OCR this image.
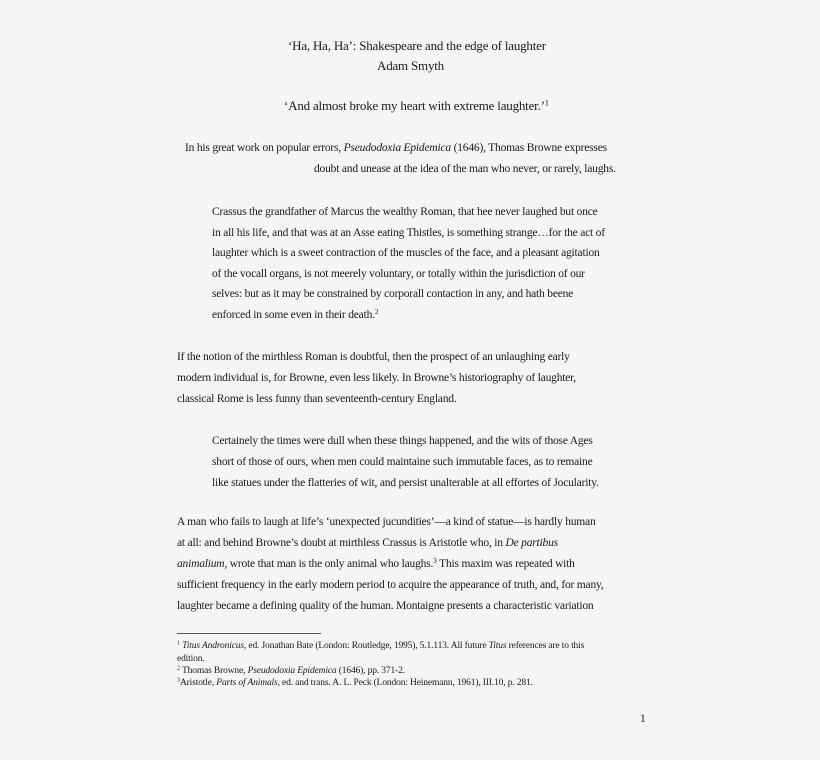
‘Ha, Ha, Ha’: Shakespeare and the edge of laughter
Adam Smyth
‘And almost broke my heart with extreme laughter.’$^1$
In his great work on popular errors, Pseudodoxia Epidemica (1646), Thomas Browne expresses
doubt and unease at the idea of the man who never, or rarely, laughs.
Crassus the grandfather of Marcus the wealthy Roman, that hee never laughed but once
in all his life, and that was at an Asse eating Thistles, is something strange…for the act of
laughter which is a sweet contraction of the muscles of the face, and a pleasant agitation
of the vocall organs, is not meerely voluntary, or totally within the jurisdiction of our
selves: but as it may be constrained by corporall contaction in any, and hath beene
enforced in some even in their death.$^2$
If the notion of the mirthless Roman is doubtful, then the prospect of an unlaughing early
modern individual is, for Browne, even less likely. In Browne’s historiography of laughter,
classical Rome is less funny than seventeenth-century England.
Certainely the times were dull when these things happened, and the wits of those Ages
short of those of ours, when men could maintaine such immutable faces, as to remaine
like statues under the flatteries of wit, and persist unalterable at all effortes of Jocularity.
A man who fails to laugh at life’s ‘unexpected jucundities’—a kind of statue—is hardly human
at all: and behind Browne’s doubt at mirthless Crassus is Aristotle who, in De partibus
animalium, wrote that man is the only animal who laughs.$^3$ This maxim was repeated with
sufficient frequency in the early modern period to acquire the appearance of truth, and, for many,
laughter became a defining quality of the human. Montaigne presents a characteristic variation
$^1$ Titus Andronicus, ed. Jonathan Bate (London: Routledge, 1995), 5.1.113. All future Titus references are to this
edition.
$^2$ Thomas Browne, Pseudodoxia Epidemica (1646), pp. 371-2.
$^3$Aristotle, Parts of Animals, ed. and trans. A. L. Peck (London: Heinemann, 1961), III.10, p. 281.
1
